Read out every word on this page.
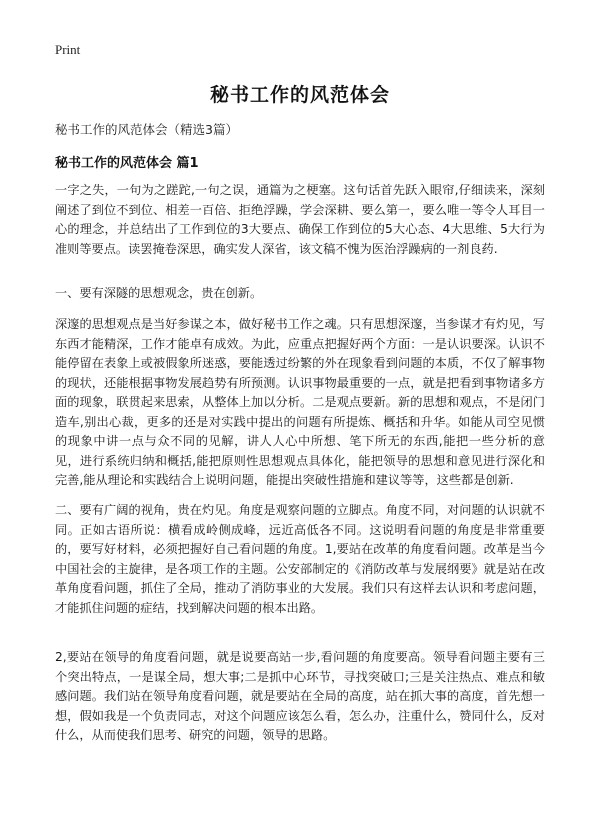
Print
秘书工作的风范体会
秘书工作的风范体会（精选3篇）
秘书工作的风范体会 篇1

一字之失，一句为之蹉跎,一句之误，通篇为之梗塞。这句话首先跃入眼帘,仔细读来，深刻阐述了到位不到位、相差一百倍、拒绝浮躁，学会深耕、要么第一，要么唯一等令人耳目一心的理念，并总结出了工作到位的3大要点、确保工作到位的5大心态、4大思维、5大行为准则等要点。读罢掩卷深思，确实发人深省，该文稿不愧为医治浮躁病的一剂良药.

一、要有深隧的思想观念，贵在创新。

深邃的思想观点是当好参谋之本，做好秘书工作之魂。只有思想深邃，当参谋才有灼见，写东西才能精深，工作才能卓有成效。为此，应重点把握好两个方面：一是认识要深。认识不能停留在表象上或被假象所迷惑，要能透过纷繁的外在现象看到问题的本质，不仅了解事物的现状，还能根据事物发展趋势有所预测。认识事物最重要的一点，就是把看到事物诸多方面的现象，联贯起来思索，从整体上加以分析。二是观点要新。新的思想和观点，不是闭门造车,别出心裁，更多的还是对实践中提出的问题有所提炼、概括和升华。如能从司空见惯的现象中讲一点与众不同的见解，讲人人心中所想、笔下所无的东西,能把一些分析的意见，进行系统归纳和概括,能把原则性思想观点具体化，能把领导的思想和意见进行深化和完善,能从理论和实践结合上说明问题，能提出突破性措施和建议等等，这些都是创新.

二、要有广阔的视角，贵在灼见。角度是观察问题的立脚点。角度不同，对问题的认识就不同。正如古语所说：横看成岭侧成峰，远近高低各不同。这说明看问题的角度是非常重要的，要写好材料，必须把握好自己看问题的角度。1,要站在改革的角度看问题。改革是当今中国社会的主旋律，是各项工作的主题。公安部制定的《消防改革与发展纲要》就是站在改革角度看问题，抓住了全局，推动了消防事业的大发展。我们只有这样去认识和考虑问题，才能抓住问题的症结，找到解决问题的根本出路。

2,要站在领导的角度看问题，就是说要高站一步,看问题的角度要高。领导看问题主要有三个突出特点，一是谋全局，想大事;二是抓中心环节，寻找突破口;三是关注热点、难点和敏感问题。我们站在领导角度看问题，就是要站在全局的高度，站在抓大事的高度，首先想一想，假如我是一个负责同志，对这个问题应该怎么看，怎么办，注重什么，赞同什么，反对什么，从而使我们思考、研究的问题，领导的思路。
